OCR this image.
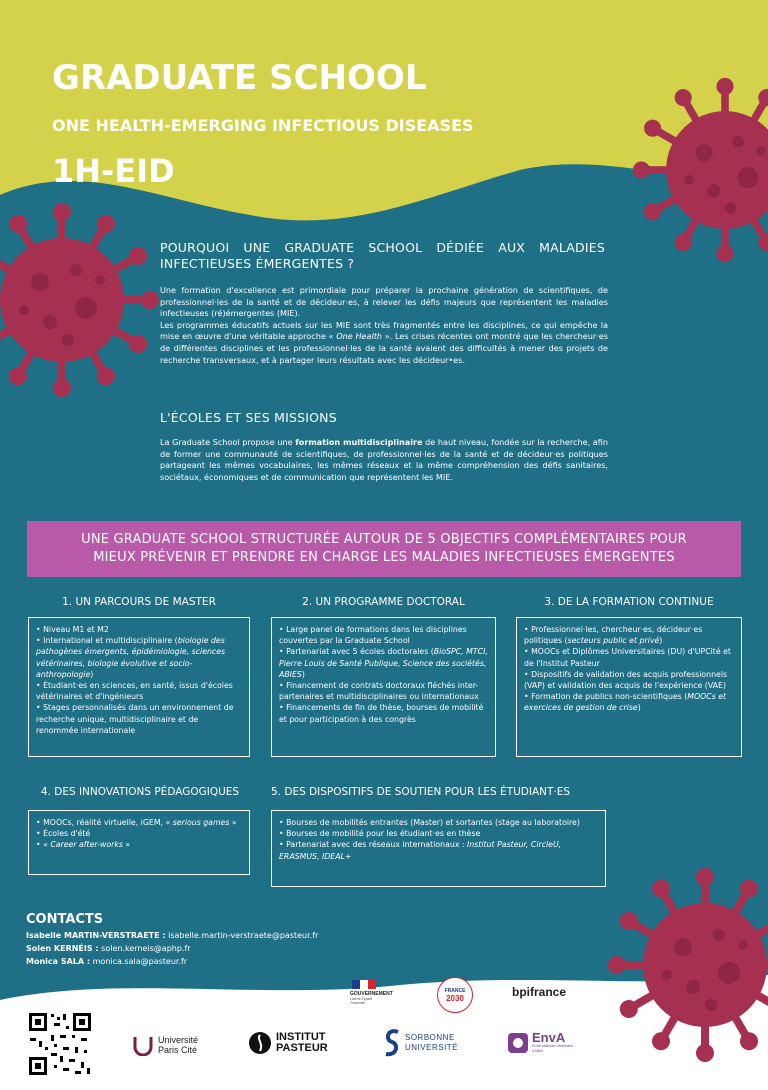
GRADUATE SCHOOL
ONE HEALTH-EMERGING INFECTIOUS DISEASES
1H-EID
POURQUOI UNE GRADUATE SCHOOL DÉDIÉE AUX MALADIES INFECTIEUSES ÉMERGENTES ?
Une formation d'excellence est primordiale pour préparer la prochaine génération de scientifiques, de professionnel·les de la santé et de décideur·es, à relever les défis majeurs que représentent les maladies infectieuses (ré)émergentes (MIE).
Les programmes éducatifs actuels sur les MIE sont très fragmentés entre les disciplines, ce qui empêche la mise en œuvre d'une véritable approche « One Health ». Les crises récentes ont montré que les chercheur·es de différentes disciplines et les professionnel·les de la santé avaient des difficultés à mener des projets de recherche transversaux, et à partager leurs résultats avec les décideur•es.
L'ÉCOLES ET SES MISSIONS
La Graduate School propose une formation multidisciplinaire de haut niveau, fondée sur la recherche, afin de former une communauté de scientifiques, de professionnel·les de la santé et de décideur·es politiques partageant les mêmes vocabulaires, les mêmes réseaux et la même compréhension des défis sanitaires, sociétaux, économiques et de communication que représentent les MIE.
UNE GRADUATE SCHOOL STRUCTURÉE AUTOUR DE 5 OBJECTIFS COMPLÉMENTAIRES POUR
MIEUX PRÉVENIR ET PRENDRE EN CHARGE LES MALADIES INFECTIEUSES ÉMERGENTES
1. UN PARCOURS DE MASTER

• Niveau M1 et M2

• International et multidisciplinaire (biologie des pathogènes émergents, épidémiologie, sciences vétérinaires, biologie évolutive et socio-anthropologie)

• Étudiant·es en sciences, en santé, issus d'écoles vétérinaires et d'ingénieurs

• Stages personnalisés dans un environnement de recherche unique, multidisciplinaire et de renommée internationale

2. UN PROGRAMME DOCTORAL

• Large panel de formations dans les disciplines couvertes par la Graduate School

• Partenariat avec 5 écoles doctorales (BioSPC, MTCI, Pierre Louis de Santé Publique, Science des sociétés, ABIES)

• Financement de contrats doctoraux fléchés inter-partenaires et multidisciplinaires ou internationaux

• Financements de fin de thèse, bourses de mobilité et pour participation à des congrès

3. DE LA FORMATION CONTINUE

• Professionnel·les, chercheur·es, décideur·es politiques (secteurs public et privé)

• MOOCs et Diplômes Universitaires (DU) d'UPCité et de l'Institut Pasteur

• Dispositifs de validation des acquis professionnels (VAP) et validation des acquis de l'expérience (VAE)

• Formation de publics non-scientifiques (MOOCs et exercices de gestion de crise)

4. DES INNOVATIONS PÉDAGOGIQUES

• MOOCs, réalité virtuelle, iGEM, « serious games »

• Écoles d'été

• « Career after-works »

5. DES DISPOSITIFS DE SOUTIEN POUR LES ÉTUDIANT·ES

• Bourses de mobilités entrantes (Master) et sortantes (stage au laboratoire)

• Bourses de mobilité pour les étudiant·es en thèse

• Partenariat avec des réseaux internationaux : Institut Pasteur, CircleU, ERASMUS, IDEAL+

CONTACTS
Isabelle MARTIN-VERSTRAETE : isabelle.martin-verstraete@pasteur.fr
Solen KERNÉIS : solen.kerneis@aphp.fr
Monica SALA : monica.sala@pasteur.fr
GOUVERNEMENT
Liberté Égalité Fraternité
FRANCE
2030	bpifrance
Université
Paris Cité
INSTITUT
PASTEUR
SORBONNE
UNIVERSITÉ
EnvA
École nationale vétérinaire d'Alfort
